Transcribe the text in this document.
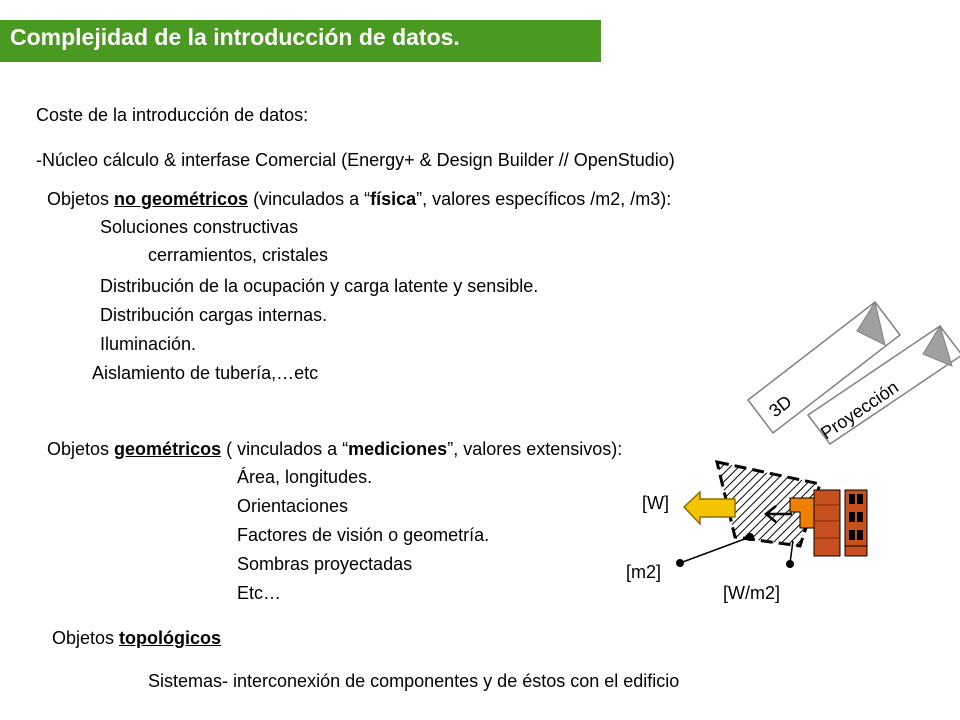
Complejidad de la introducción de datos.
Coste de la introducción de datos:
-Núcleo cálculo & interfase Comercial (Energy+ & Design Builder // OpenStudio)
Objetos no geométricos (vinculados a “física”, valores específicos /m2, /m3):
Soluciones constructivas
cerramientos, cristales
Distribución de la ocupación y carga latente y sensible.
Distribución cargas internas.
Iluminación.
Aislamiento de tubería,…etc
Objetos geométricos ( vinculados a “mediciones”, valores extensivos):
Área, longitudes.
Orientaciones
Factores de visión o geometría.
Sombras proyectadas
Etc…
Objetos topológicos
Sistemas- interconexión de componentes y de éstos con el edificio
3D Proyección
[W]
[m2]
[W/m2]
